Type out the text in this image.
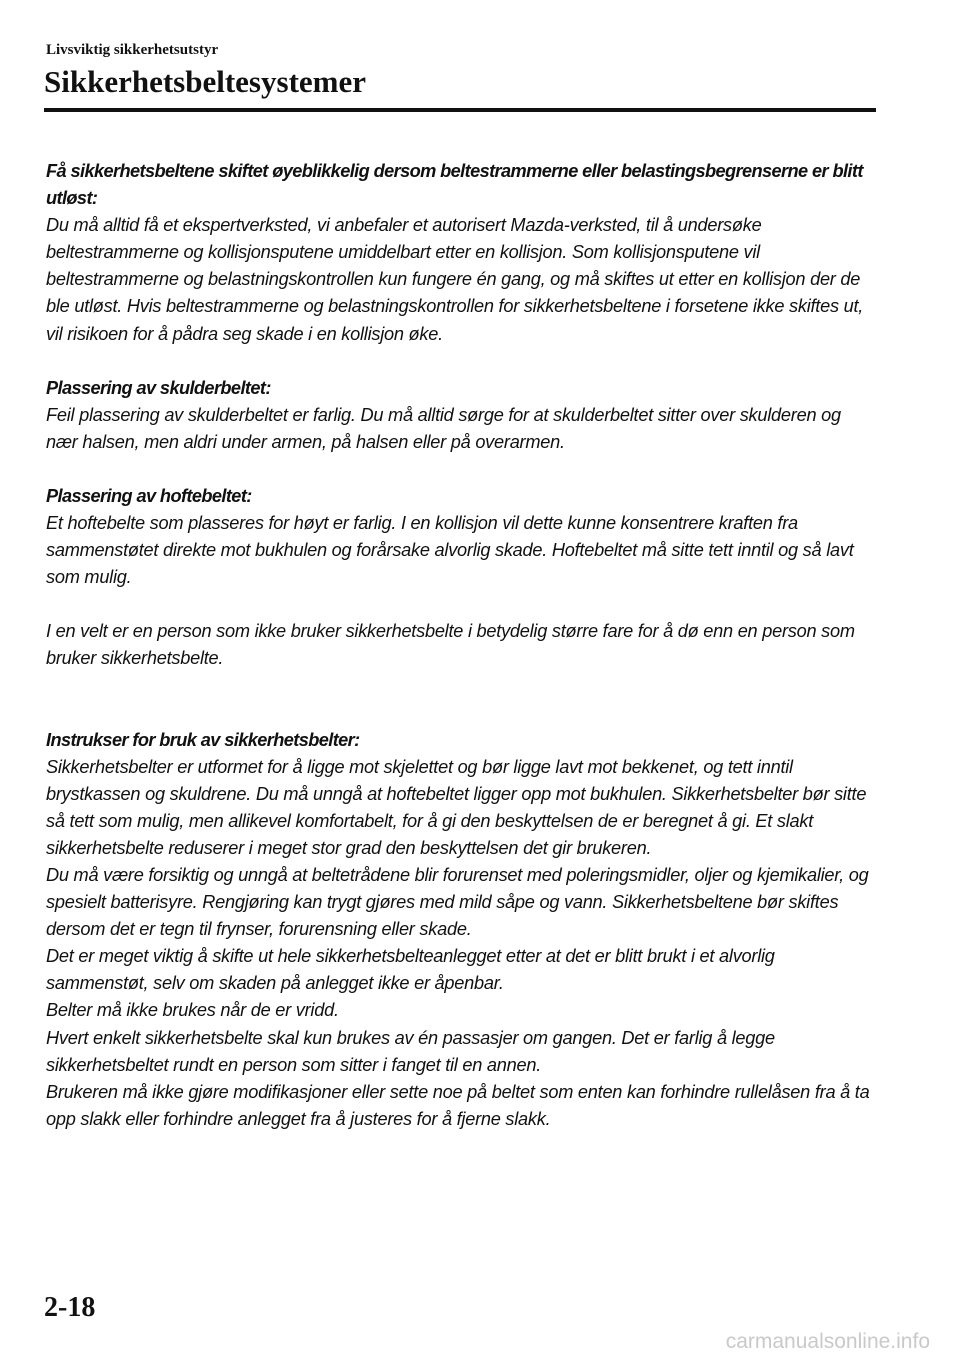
Livsviktig sikkerhetsutstyr
Sikkerhetsbeltesystemer

Få sikkerhetsbeltene skiftet øyeblikkelig dersom beltestrammerne eller belastingsbegrenserne er blitt utløst:

Du må alltid få et ekspertverksted, vi anbefaler et autorisert Mazda-verksted, til å undersøke beltestrammerne og kollisjonsputene umiddelbart etter en kollisjon. Som kollisjonsputene vil beltestrammerne og belastningskontrollen kun fungere én gang, og må skiftes ut etter en kollisjon der de ble utløst. Hvis beltestrammerne og belastningskontrollen for sikkerhetsbeltene i forsetene ikke skiftes ut, vil risikoen for å pådra seg skade i en kollisjon øke.

Plassering av skulderbeltet:

Feil plassering av skulderbeltet er farlig. Du må alltid sørge for at skulderbeltet sitter over skulderen og nær halsen, men aldri under armen, på halsen eller på overarmen.

Plassering av hoftebeltet:

Et hoftebelte som plasseres for høyt er farlig. I en kollisjon vil dette kunne konsentrere kraften fra sammenstøtet direkte mot bukhulen og forårsake alvorlig skade. Hoftebeltet må sitte tett inntil og så lavt som mulig.

I en velt er en person som ikke bruker sikkerhetsbelte i betydelig større fare for å dø enn en person som bruker sikkerhetsbelte.

Instrukser for bruk av sikkerhetsbelter:

Sikkerhetsbelter er utformet for å ligge mot skjelettet og bør ligge lavt mot bekkenet, og tett inntil brystkassen og skuldrene. Du må unngå at hoftebeltet ligger opp mot bukhulen. Sikkerhetsbelter bør sitte så tett som mulig, men allikevel komfortabelt, for å gi den beskyttelsen de er beregnet å gi. Et slakt sikkerhetsbelte reduserer i meget stor grad den beskyttelsen det gir brukeren.
Du må være forsiktig og unngå at beltetrådene blir forurenset med poleringsmidler, oljer og kjemikalier, og spesielt batterisyre. Rengjøring kan trygt gjøres med mild såpe og vann. Sikkerhetsbeltene bør skiftes dersom det er tegn til frynser, forurensning eller skade.
Det er meget viktig å skifte ut hele sikkerhetsbelteanlegget etter at det er blitt brukt i et alvorlig sammenstøt, selv om skaden på anlegget ikke er åpenbar.
Belter må ikke brukes når de er vridd.
Hvert enkelt sikkerhetsbelte skal kun brukes av én passasjer om gangen. Det er farlig å legge sikkerhetsbeltet rundt en person som sitter i fanget til en annen.
Brukeren må ikke gjøre modifikasjoner eller sette noe på beltet som enten kan forhindre rullelåsen fra å ta opp slakk eller forhindre anlegget fra å justeres for å fjerne slakk.

2-18
carmanualsonline.info
